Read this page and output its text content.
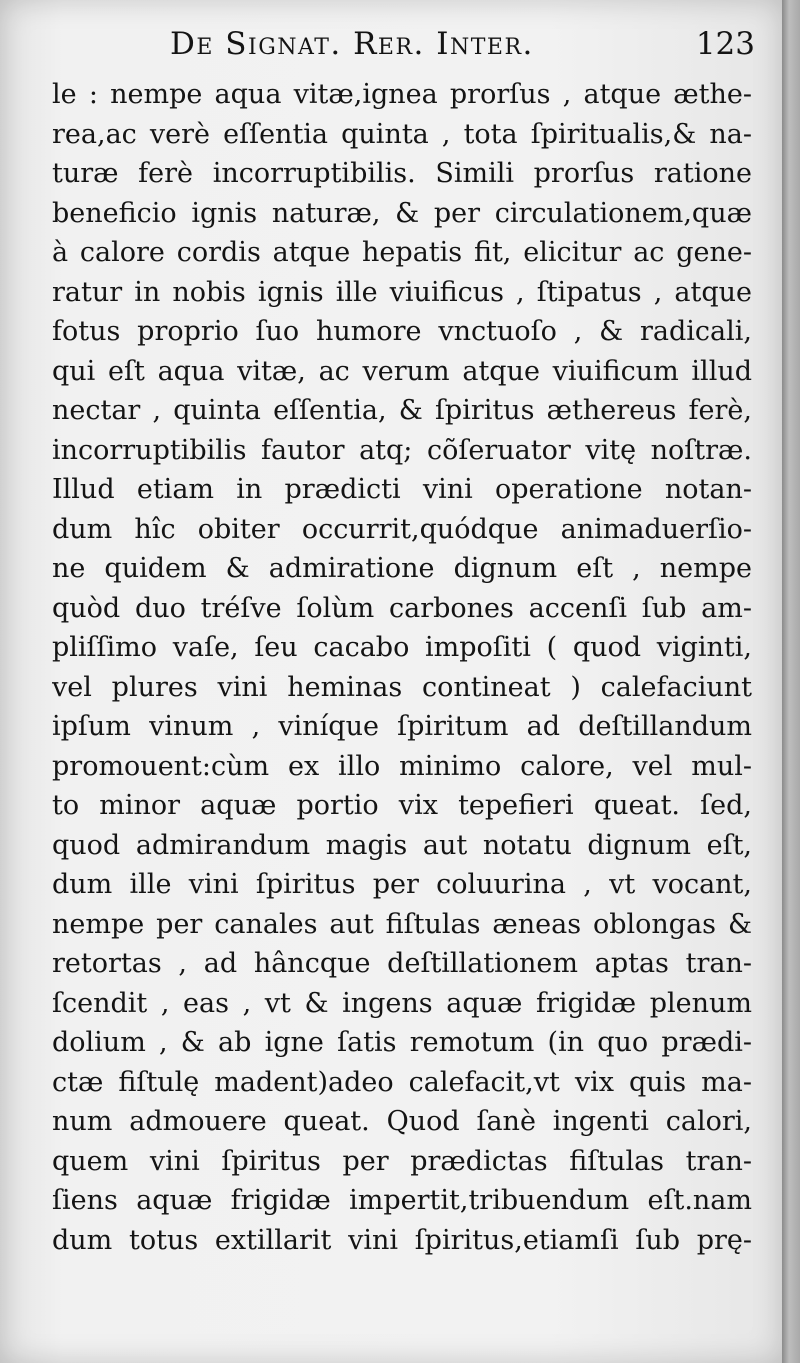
De Signat. Rer. Inter.	123
le : nempe aqua vitæ,ignea prorſus , atque æthe-
rea,ac verè eſſentia quinta , tota ſpiritualis,& na-
turæ ferè incorruptibilis. Simili prorſus ratione
beneficio ignis naturæ, & per circulationem,quæ
à calore cordis atque hepatis fit, elicitur ac gene-
ratur in nobis ignis ille viuificus , ſtipatus , atque
fotus proprio ſuo humore vnctuoſo , & radicali,
qui eſt aqua vitæ, ac verum atque viuificum illud
nectar , quinta eſſentia, & ſpiritus æthereus ferè,
incorruptibilis fautor atq; cõſeruator vitę noſtræ.
Illud etiam in prædicti vini operatione notan-
dum hîc obiter occurrit,quódque animaduerſio-
ne quidem & admiratione dignum eſt , nempe
quòd duo tréſve ſolùm carbones accenſi ſub am-
pliſſimo vaſe, ſeu cacabo impoſiti ( quod viginti,
vel plures vini heminas contineat ) calefaciunt
ipſum vinum , viníque ſpiritum ad deſtillandum
promouent:cùm ex illo minimo calore, vel mul-
to minor aquæ portio vix tepefieri queat. ſed,
quod admirandum magis aut notatu dignum eſt,
dum ille vini ſpiritus per coluurina , vt vocant,
nempe per canales aut fiſtulas æneas oblongas &
retortas , ad hâncque deſtillationem aptas tran-
ſcendit , eas , vt & ingens aquæ frigidæ plenum
dolium , & ab igne ſatis remotum (in quo prædi-
ctæ fiſtulę madent)adeo calefacit,vt vix quis ma-
num admouere queat. Quod ſanè ingenti calori,
quem vini ſpiritus per prædictas fiſtulas tran-
ſiens aquæ frigidæ impertit,tribuendum eſt.nam
dum totus extillarit vini ſpiritus,etiamſi ſub prę-
